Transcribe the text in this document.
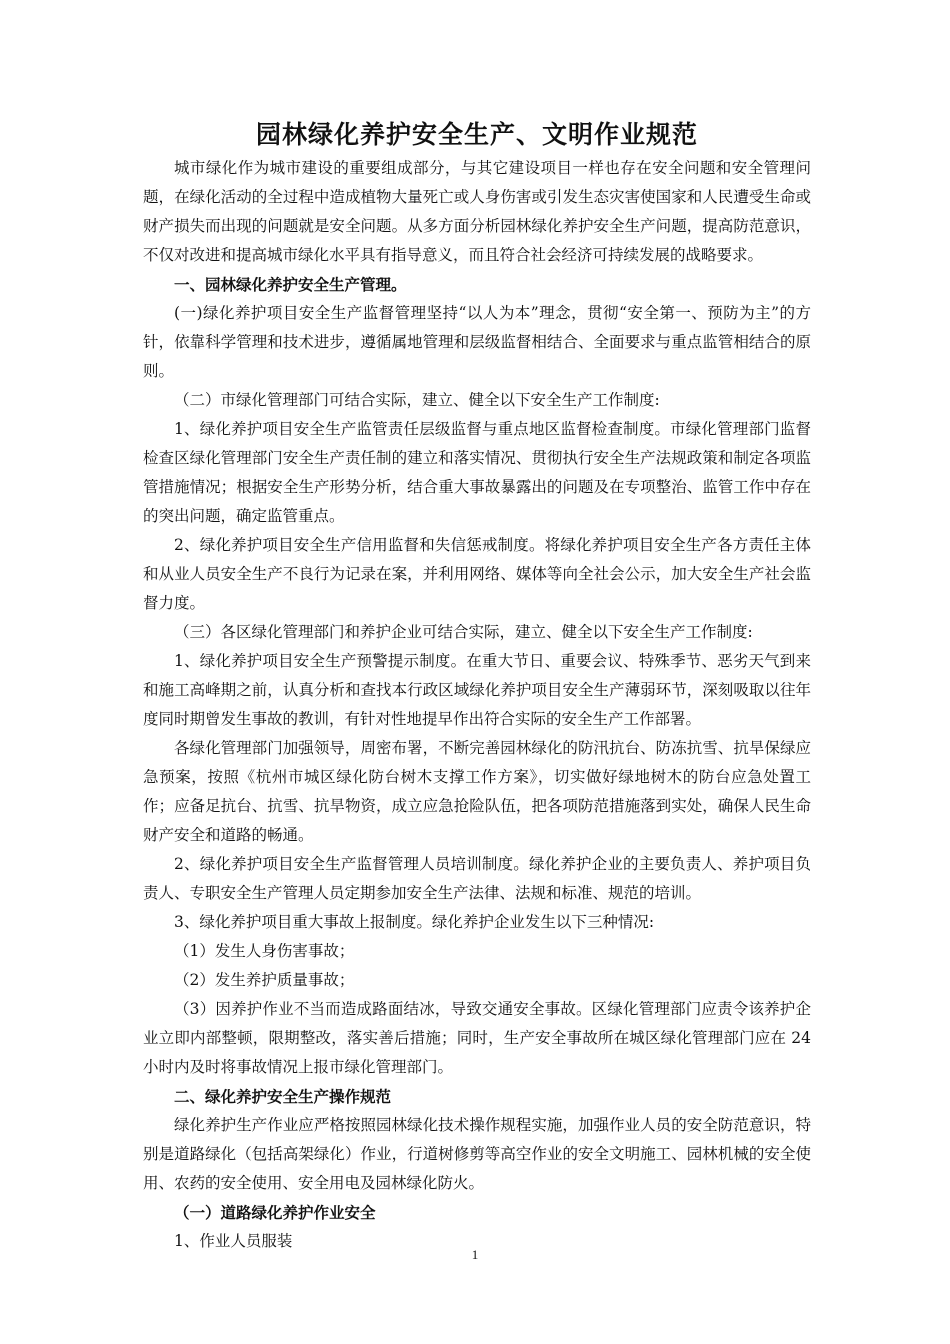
园林绿化养护安全生产、文明作业规范

城市绿化作为城市建设的重要组成部分，与其它建设项目一样也存在安全问题和安全管理问题，在绿化活动的全过程中造成植物大量死亡或人身伤害或引发生态灾害使国家和人民遭受生命或财产损失而出现的问题就是安全问题。从多方面分析园林绿化养护安全生产问题，提高防范意识，不仅对改进和提高城市绿化水平具有指导意义，而且符合社会经济可持续发展的战略要求。

一、园林绿化养护安全生产管理。

(一)绿化养护项目安全生产监督管理坚持“以人为本”理念，贯彻“安全第一、预防为主”的方针，依靠科学管理和技术进步，遵循属地管理和层级监督相结合、全面要求与重点监管相结合的原则。

（二）市绿化管理部门可结合实际，建立、健全以下安全生产工作制度:

1、绿化养护项目安全生产监管责任层级监督与重点地区监督检查制度。市绿化管理部门监督检查区绿化管理部门安全生产责任制的建立和落实情况、贯彻执行安全生产法规政策和制定各项监管措施情况；根据安全生产形势分析，结合重大事故暴露出的问题及在专项整治、监管工作中存在的突出问题，确定监管重点。

2、绿化养护项目安全生产信用监督和失信惩戒制度。将绿化养护项目安全生产各方责任主体和从业人员安全生产不良行为记录在案，并利用网络、媒体等向全社会公示，加大安全生产社会监督力度。

（三）各区绿化管理部门和养护企业可结合实际，建立、健全以下安全生产工作制度:

1、绿化养护项目安全生产预警提示制度。在重大节日、重要会议、特殊季节、恶劣天气到来和施工高峰期之前，认真分析和查找本行政区域绿化养护项目安全生产薄弱环节，深刻吸取以往年度同时期曾发生事故的教训，有针对性地提早作出符合实际的安全生产工作部署。

各绿化管理部门加强领导，周密布署，不断完善园林绿化的防汛抗台、防冻抗雪、抗旱保绿应急预案，按照《杭州市城区绿化防台树木支撑工作方案》，切实做好绿地树木的防台应急处置工作；应备足抗台、抗雪、抗旱物资，成立应急抢险队伍，把各项防范措施落到实处，确保人民生命财产安全和道路的畅通。

2、绿化养护项目安全生产监督管理人员培训制度。绿化养护企业的主要负责人、养护项目负责人、专职安全生产管理人员定期参加安全生产法律、法规和标准、规范的培训。

3、绿化养护项目重大事故上报制度。绿化养护企业发生以下三种情况:

（1）发生人身伤害事故；

（2）发生养护质量事故；

（3）因养护作业不当而造成路面结冰，导致交通安全事故。区绿化管理部门应责令该养护企业立即内部整顿，限期整改，落实善后措施；同时，生产安全事故所在城区绿化管理部门应在 24 小时内及时将事故情况上报市绿化管理部门。

二、绿化养护安全生产操作规范

绿化养护生产作业应严格按照园林绿化技术操作规程实施，加强作业人员的安全防范意识，特别是道路绿化（包括高架绿化）作业，行道树修剪等高空作业的安全文明施工、园林机械的安全使用、农药的安全使用、安全用电及园林绿化防火。

（一）道路绿化养护作业安全

1、作业人员服装

1
